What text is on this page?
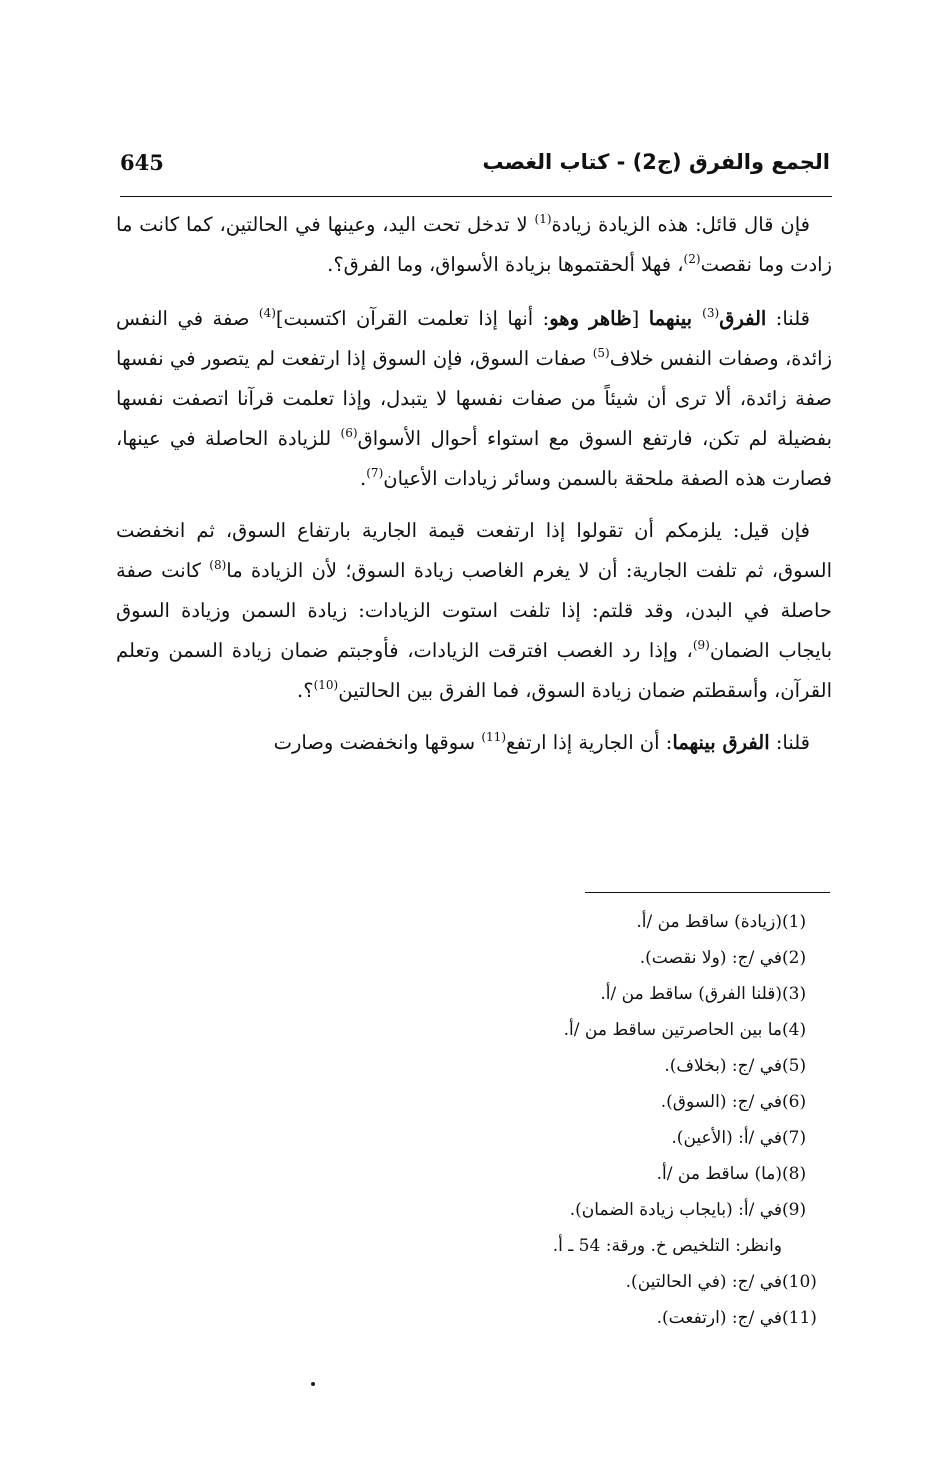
الجمع والفرق (ج2) - كتاب الغصب
645

فإن قال قائل: هذه الزيادة زيادة$^{(1)}$ لا تدخل تحت اليد، وعينها في الحالتين، كما كانت ما زادت وما نقصت$^{(2)}$، فهلا ألحقتموها بزيادة الأسواق، وما الفرق؟.

قلنا: الفرق$^{(3)}$ بينهما [ظاهر وهو: أنها إذا تعلمت القرآن اكتسبت]$^{(4)}$ صفة في النفس زائدة، وصفات النفس خلاف$^{(5)}$ صفات السوق، فإن السوق إذا ارتفعت لم يتصور في نفسها صفة زائدة، ألا ترى أن شيئاً من صفات نفسها لا يتبدل، وإذا تعلمت قرآنا اتصفت نفسها بفضيلة لم تكن، فارتفع السوق مع استواء أحوال الأسواق$^{(6)}$ للزيادة الحاصلة في عينها، فصارت هذه الصفة ملحقة بالسمن وسائر زيادات الأعيان$^{(7)}$.

فإن قيل: يلزمكم أن تقولوا إذا ارتفعت قيمة الجارية بارتفاع السوق، ثم انخفضت السوق، ثم تلفت الجارية: أن لا يغرم الغاصب زيادة السوق؛ لأن الزيادة ما$^{(8)}$ كانت صفة حاصلة في البدن، وقد قلتم: إذا تلفت استوت الزيادات: زيادة السمن وزيادة السوق بايجاب الضمان$^{(9)}$، وإذا رد الغصب افترقت الزيادات، فأوجبتم ضمان زيادة السمن وتعلم القرآن، وأسقطتم ضمان زيادة السوق، فما الفرق بين الحالتين$^{(10)}$؟.

قلنا: الفرق بينهما: أن الجارية إذا ارتفع$^{(11)}$ سوقها وانخفضت وصارت

(1)
(زيادة) ساقط من /أ.
(2)
في /ج: (ولا نقصت).
(3)
(قلنا الفرق) ساقط من /أ.
(4)
ما بين الحاصرتين ساقط من /أ.
(5)
في /ج: (بخلاف).
(6)
في /ج: (السوق).
(7)
في /أ: (الأعين).
(8)
(ما) ساقط من /أ.
(9)
في /أ: (بايجاب زيادة الضمان).
وانظر: التلخيص خ. ورقة: 54 ـ أ.
(10)
في /ج: (في الحالتين).
(11)
في /ج: (ارتفعت).
